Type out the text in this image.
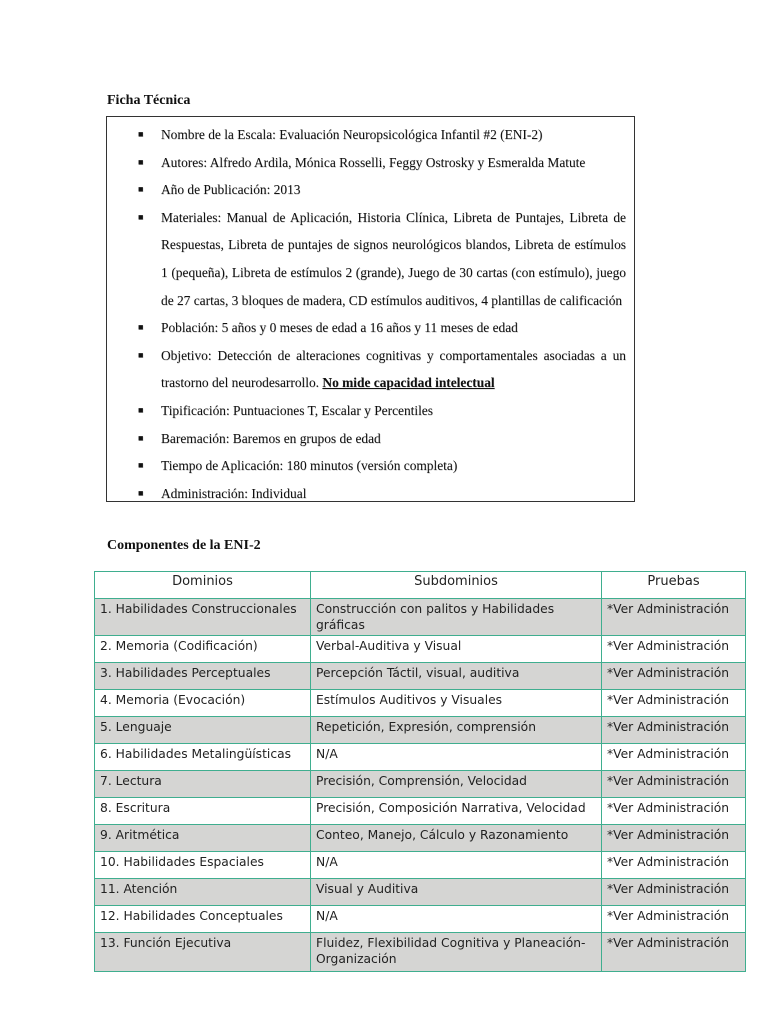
Ficha Técnica
■ Nombre de la Escala: Evaluación Neuropsicológica Infantil #2 (ENI-2)
■ Autores: Alfredo Ardila, Mónica Rosselli, Feggy Ostrosky y Esmeralda Matute
■ Año de Publicación: 2013
■ Materiales: Manual de Aplicación, Historia Clínica, Libreta de Puntajes, Libreta de Respuestas, Libreta de puntajes de signos neurológicos blandos, Libreta de estímulos 1 (pequeña), Libreta de estímulos 2 (grande), Juego de 30 cartas (con estímulo), juego de 27 cartas, 3 bloques de madera, CD estímulos auditivos, 4 plantillas de calificación
■ Población: 5 años y 0 meses de edad a 16 años y 11 meses de edad
■ Objetivo: Detección de alteraciones cognitivas y comportamentales asociadas a un trastorno del neurodesarrollo. No mide capacidad intelectual
■ Tipificación: Puntuaciones T, Escalar y Percentiles
■ Baremación: Baremos en grupos de edad
■ Tiempo de Aplicación: 180 minutos (versión completa)
■ Administración: Individual
Componentes de la ENI-2
Dominios	Subdominios	Pruebas
1. Habilidades Construccionales	Construcción con palitos y Habilidades gráficas	*Ver Administración
2. Memoria (Codificación)	Verbal-Auditiva y Visual	*Ver Administración
3. Habilidades Perceptuales	Percepción Táctil, visual, auditiva	*Ver Administración
4. Memoria (Evocación)	Estímulos Auditivos y Visuales	*Ver Administración
5. Lenguaje	Repetición, Expresión, comprensión	*Ver Administración
6. Habilidades Metalingüísticas	N/A	*Ver Administración
7. Lectura	Precisión, Comprensión, Velocidad	*Ver Administración
8. Escritura	Precisión, Composición Narrativa, Velocidad	*Ver Administración
9. Aritmética	Conteo, Manejo, Cálculo y Razonamiento	*Ver Administración
10. Habilidades Espaciales	N/A	*Ver Administración
11. Atención	Visual y Auditiva	*Ver Administración
12. Habilidades Conceptuales	N/A	*Ver Administración
13. Función Ejecutiva	Fluidez, Flexibilidad Cognitiva y Planeación-Organización	*Ver Administración
